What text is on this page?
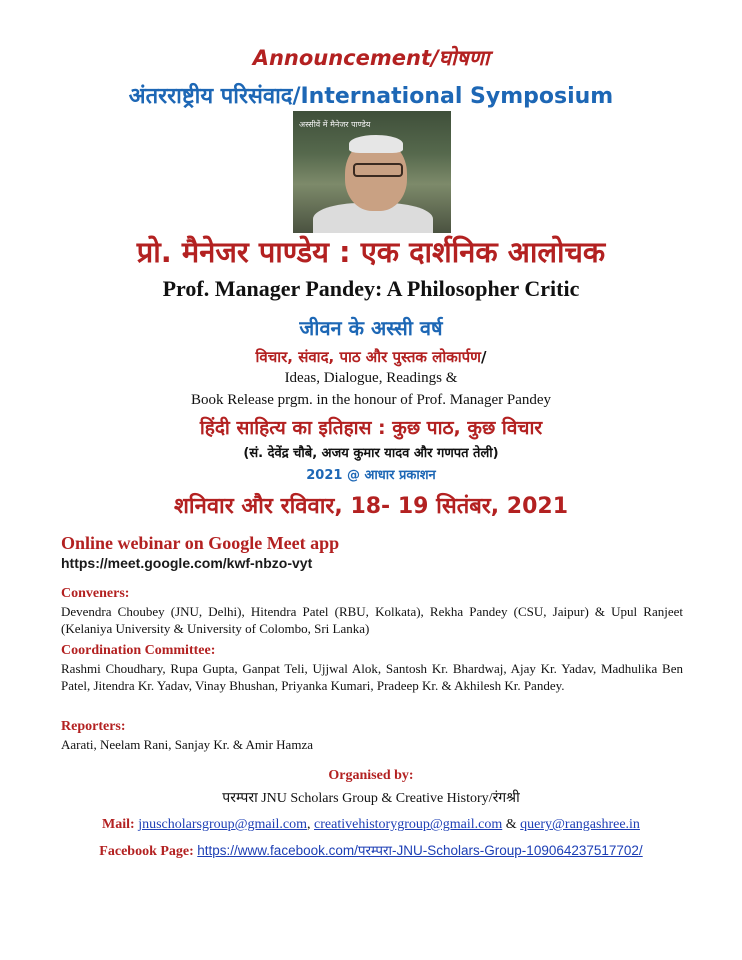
Announcement/घोषणा
अंतरराष्ट्रीय परिसंवाद/International Symposium
अस्सीवें में मैनेजर पाण्डेय
प्रो. मैनेजर पाण्डेय : एक दार्शनिक आलोचक
Prof. Manager Pandey: A Philosopher Critic
जीवन के अस्सी वर्ष
विचार, संवाद, पाठ और पुस्तक लोकार्पण/
Ideas, Dialogue, Readings &
Book Release prgm. in the honour of Prof. Manager Pandey
हिंदी साहित्य का इतिहास : कुछ पाठ, कुछ विचार
(सं. देवेंद्र चौबे, अजय कुमार यादव और गणपत तेली)
2021 @ आधार प्रकाशन
शनिवार और रविवार, 18- 19 सितंबर, 2021
Online webinar on Google Meet app
https://meet.google.com/kwf-nbzo-vyt
Conveners:
Devendra Choubey (JNU, Delhi), Hitendra Patel (RBU, Kolkata), Rekha Pandey (CSU, Jaipur) & Upul Ranjeet (Kelaniya University & University of Colombo, Sri Lanka)
Coordination Committee:
Rashmi Choudhary, Rupa Gupta, Ganpat Teli, Ujjwal Alok, Santosh Kr. Bhardwaj, Ajay Kr. Yadav, Madhulika Ben Patel, Jitendra Kr. Yadav, Vinay Bhushan, Priyanka Kumari, Pradeep Kr. & Akhilesh Kr. Pandey.
Reporters:
Aarati, Neelam Rani, Sanjay Kr. & Amir Hamza
Organised by:
परम्परा JNU Scholars Group & Creative History/रंगश्री
Mail: jnuscholarsgroup@gmail.com, creativehistorygroup@gmail.com & query@rangashree.in
Facebook Page: https://www.facebook.com/परम्परा-JNU-Scholars-Group-109064237517702/
